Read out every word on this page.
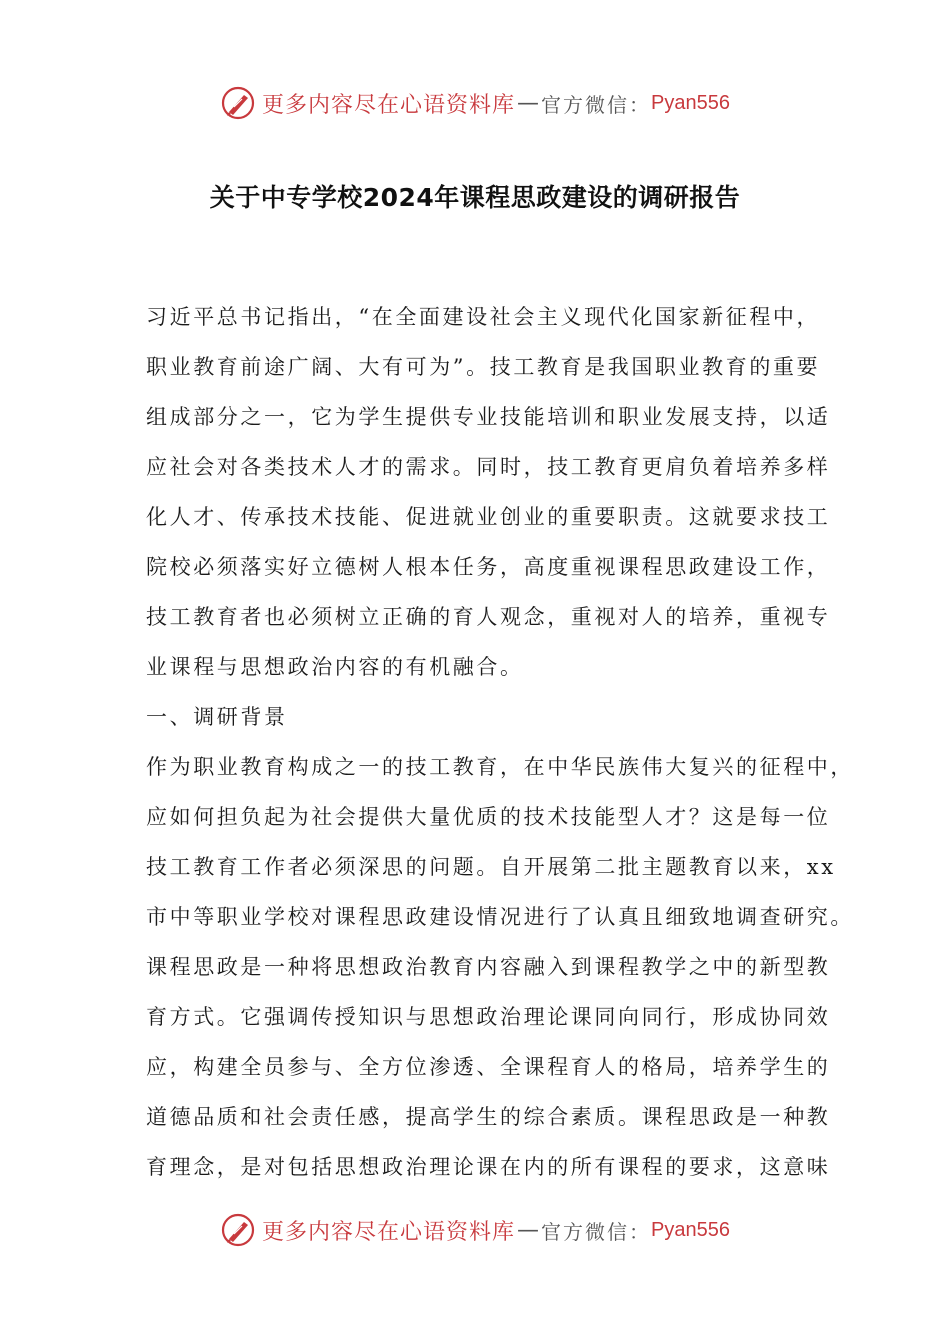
更多内容尽在心语资料库 — 官方微信： Pyan556
关于中专学校2024年课程思政建设的调研报告
习近平总书记指出，“在全面建设社会主义现代化国家新征程中，
职业教育前途广阔、大有可为”。技工教育是我国职业教育的重要
组成部分之一，它为学生提供专业技能培训和职业发展支持，以适
应社会对各类技术人才的需求。同时，技工教育更肩负着培养多样
化人才、传承技术技能、促进就业创业的重要职责。这就要求技工
院校必须落实好立德树人根本任务，高度重视课程思政建设工作，
技工教育者也必须树立正确的育人观念，重视对人的培养，重视专
业课程与思想政治内容的有机融合。
一、调研背景
作为职业教育构成之一的技工教育，在中华民族伟大复兴的征程中，
应如何担负起为社会提供大量优质的技术技能型人才？这是每一位
技工教育工作者必须深思的问题。自开展第二批主题教育以来，xx
市中等职业学校对课程思政建设情况进行了认真且细致地调查研究。
课程思政是一种将思想政治教育内容融入到课程教学之中的新型教
育方式。它强调传授知识与思想政治理论课同向同行，形成协同效
应，构建全员参与、全方位渗透、全课程育人的格局，培养学生的
道德品质和社会责任感，提高学生的综合素质。课程思政是一种教
育理念，是对包括思想政治理论课在内的所有课程的要求，这意味
更多内容尽在心语资料库 — 官方微信： Pyan556
